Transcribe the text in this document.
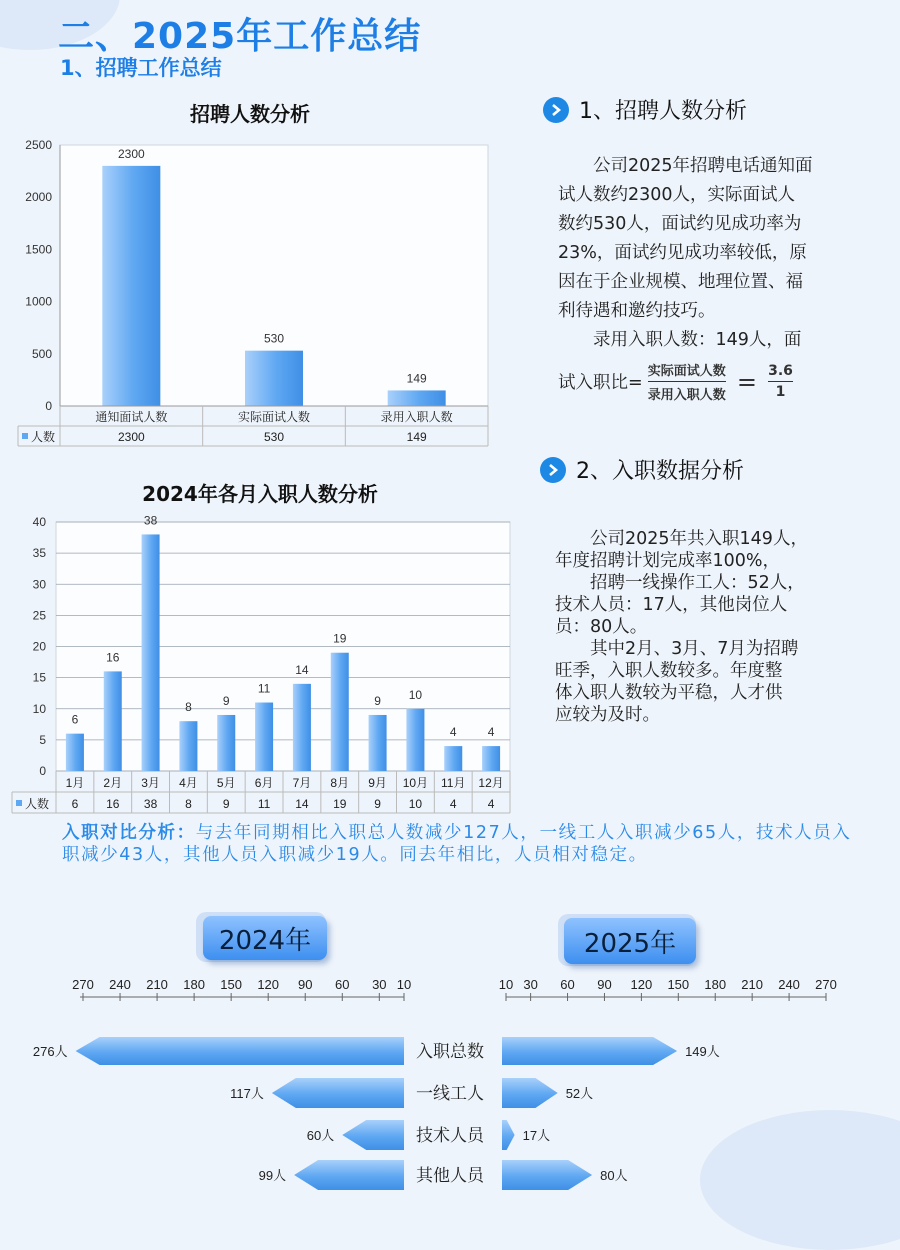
二、2025年工作总结
1、招聘工作总结
招聘人数分析
0
500
1000
1500
2000
2500
2300
530
149
通知面试人数	实际面试人数	录用入职人数
人数	2300	530	149
2024年各月入职人数分析
0
5
10
15
20
25
30
35
40
6
16
38
8	9
11
14
19
9 10
4	4
1月 2月 3月 4月 5月 6月 7月 8月 9月 10月 11月 12月
人数 6 16 38 8	9 11 14 19 9 10 4	4
1、招聘人数分析
公司2025年招聘电话通知面
试人数约2300人，实际面试人
数约530人，面试约见成功率为
23%，面试约见成功率较低，原
因在于企业规模、地理位置、福
利待遇和邀约技巧。
录用入职人数：149人，面
试入职比= $\frac{\text{实际面试人数}}{\text{录用入职人数}} = \frac{3.6}{1}$
2、入职数据分析
公司2025年共入职149人，
年度招聘计划完成率100%，
招聘一线操作工人：52人，
技术人员：17人，其他岗位人
员：80人。
其中2月、3月、7月为招聘
旺季，入职人数较多。年度整
体入职人数较为平稳，人才供
应较为及时。
入职对比分析：与去年同期相比入职总人数减少127人，一线工人入职减少65人，技术人员入职减少43人，其他人员入职减少19人。同去年相比，人员相对稳定。
2024年	2025年
270 240 210 180 150 120 90 60 30 10	10 30 60 90 120 150 180 210 240 270
276人	149人
入职总数
117人	52人
一线工人
60人	17人
技术人员
99人	80人
其他人员
